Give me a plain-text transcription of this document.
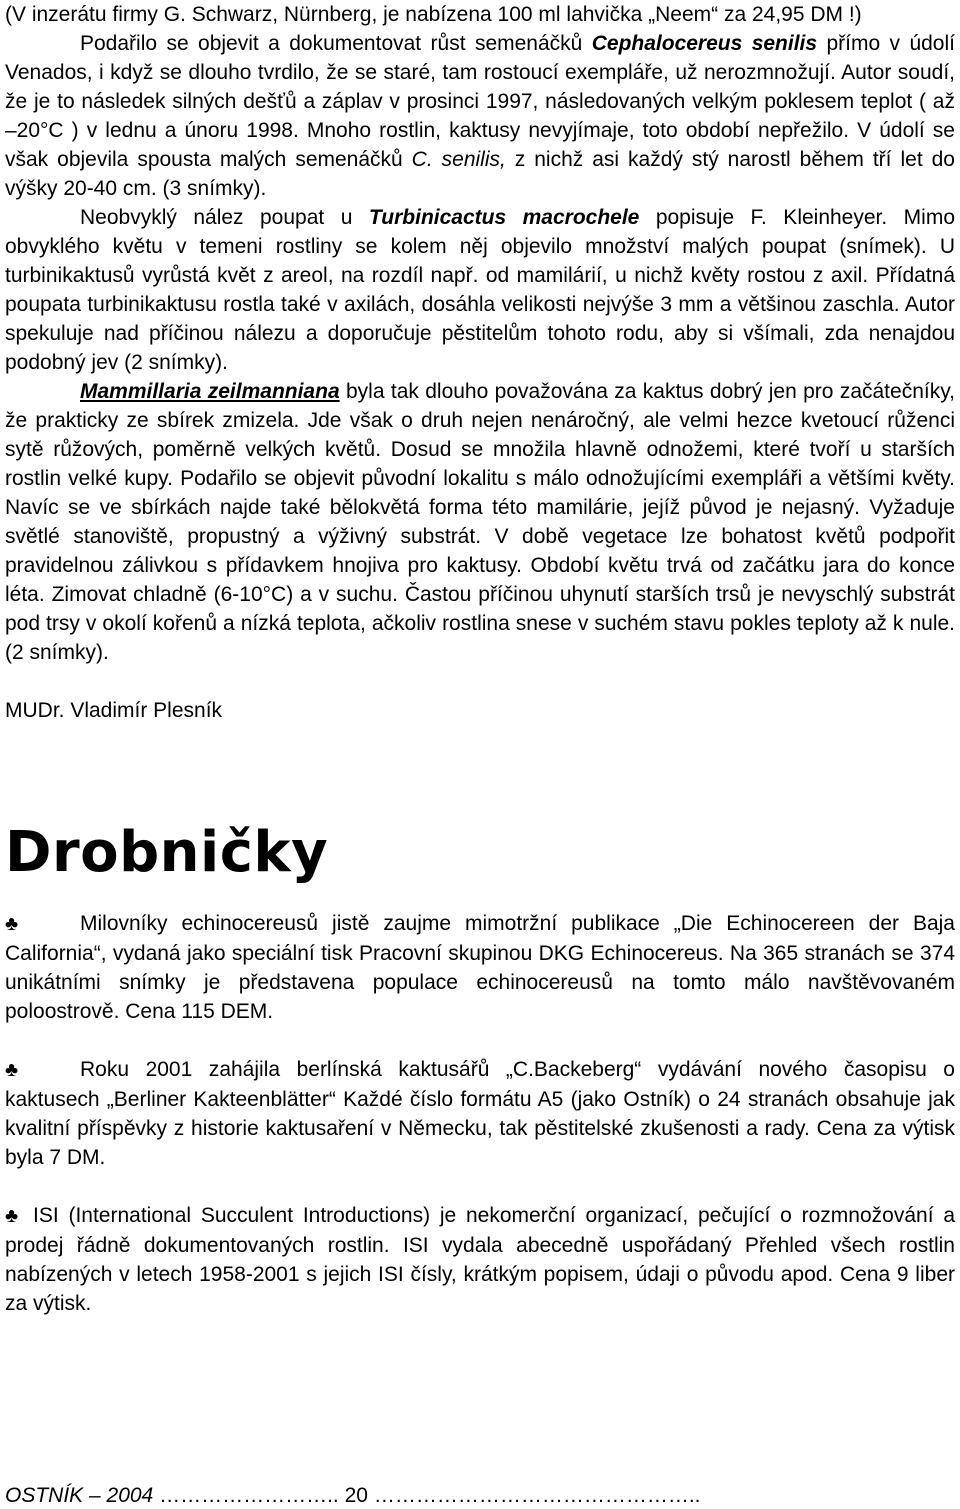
(V inzerátu firmy G. Schwarz, Nürnberg, je nabízena 100 ml lahvička „Neem“ za 24,95 DM !)

Podařilo se objevit a dokumentovat růst semenáčků Cephalocereus senilis přímo v údolí Venados, i když se dlouho tvrdilo, že se staré, tam rostoucí exempláře, už nerozmnožují. Autor soudí, že je to následek silných dešťů a záplav v prosinci 1997, následovaných velkým poklesem teplot ( až –20°C ) v lednu a únoru 1998. Mnoho rostlin, kaktusy nevyjímaje, toto období nepřežilo. V údolí se však objevila spousta malých semenáčků C. senilis, z nichž asi každý stý narostl během tří let do výšky 20-40 cm. (3 snímky).

Neobvyklý nález poupat u Turbinicactus macrochele popisuje F. Kleinheyer. Mimo obvyklého květu v temeni rostliny se kolem něj objevilo množství malých poupat (snímek). U turbinikaktusů vyrůstá květ z areol, na rozdíl např. od mamilárií, u nichž květy rostou z axil. Přídatná poupata turbinikaktusu rostla také v axilách, dosáhla velikosti nejvýše 3 mm a většinou zaschla. Autor spekuluje nad příčinou nálezu a doporučuje pěstitelům tohoto rodu, aby si všímali, zda nenajdou podobný jev (2 snímky).

Mammillaria zeilmanniana byla tak dlouho považována za kaktus dobrý jen pro začátečníky, že prakticky ze sbírek zmizela. Jde však o druh nejen nenáročný, ale velmi hezce kvetoucí růženci sytě růžových, poměrně velkých květů. Dosud se množila hlavně odnožemi, které tvoří u starších rostlin velké kupy. Podařilo se objevit původní lokalitu s málo odnožujícími exempláři a většími květy. Navíc se ve sbírkách najde také bělokvětá forma této mamilárie, jejíž původ je nejasný. Vyžaduje světlé stanoviště, propustný a výživný substrát. V době vegetace lze bohatost květů podpořit pravidelnou zálivkou s přídavkem hnojiva pro kaktusy. Období květu trvá od začátku jara do konce léta. Zimovat chladně (6-10°C) a v suchu. Častou příčinou uhynutí starších trsů je nevyschlý substrát pod trsy v okolí kořenů a nízká teplota, ačkoliv rostlina snese v suchém stavu pokles teploty až k nule. (2 snímky).

MUDr. Vladimír Plesník

Drobničky

♣	Milovníky echinocereusů jistě zaujme mimotržní publikace „Die Echinocereen der Baja California“, vydaná jako speciální tisk Pracovní skupinou DKG Echinocereus. Na 365 stranách se 374 unikátními snímky je představena populace echinocereusů na tomto málo navštěvovaném poloostrově. Cena 115 DEM.

♣	Roku 2001 zahájila berlínská kaktusářů „C.Backeberg“ vydávání nového časopisu o kaktusech „Berliner Kakteenblätter“ Každé číslo formátu A5 (jako Ostník) o 24 stranách obsahuje jak kvalitní příspěvky z historie kaktusaření v Německu, tak pěstitelské zkušenosti a rady. Cena za výtisk byla 7 DM.

♣ ISI (International Succulent Introductions) je nekomerční organizací, pečující o rozmnožování a prodej řádně dokumentovaných rostlin. ISI vydala abecedně uspořádaný Přehled všech rostlin nabízených v letech 1958-2001 s jejich ISI čísly, krátkým popisem, údaji o původu apod. Cena 9 liber za výtisk.

OSTNÍK – 2004 …………………….. 20 ………………………………………..
